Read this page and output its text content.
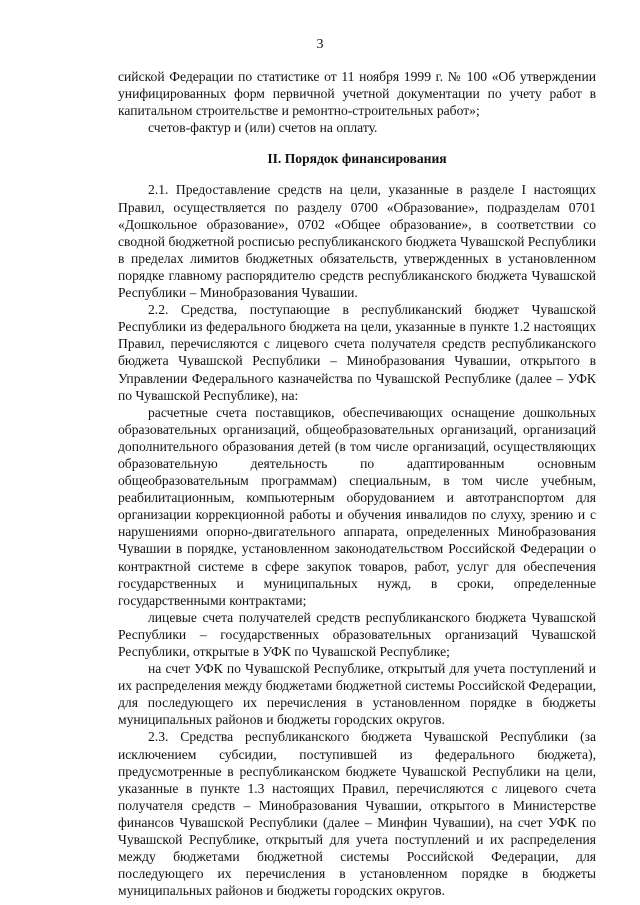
3

сийской Федерации по статистике от 11 ноября 1999 г. № 100 «Об утверждении унифицированных форм первичной учетной документации по учету работ в капитальном строительстве и ремонтно-строительных работ»;

счетов-фактур и (или) счетов на оплату.

II. Порядок финансирования

2.1. Предоставление средств на цели, указанные в разделе I настоящих Правил, осуществляется по разделу 0700 «Образование», подразделам 0701 «Дошкольное образование», 0702 «Общее образование», в соответствии со сводной бюджетной росписью республиканского бюджета Чувашской Республики в пределах лимитов бюджетных обязательств, утвержденных в установленном порядке главному распорядителю средств республиканского бюджета Чувашской Республики – Минобразования Чувашии.

2.2. Средства, поступающие в республиканский бюджет Чувашской Республики из федерального бюджета на цели, указанные в пункте 1.2 настоящих Правил, перечисляются с лицевого счета получателя средств республиканского бюджета Чувашской Республики – Минобразования Чувашии, открытого в Управлении Федерального казначейства по Чувашской Республике (далее – УФК по Чувашской Республике), на:

расчетные счета поставщиков, обеспечивающих оснащение дошкольных образовательных организаций, общеобразовательных организаций, организаций дополнительного образования детей (в том числе организаций, осуществляющих образовательную деятельность по адаптированным основным общеобразовательным программам) специальным, в том числе учебным, реабилитационным, компьютерным оборудованием и автотранспортом для организации коррекционной работы и обучения инвалидов по слуху, зрению и с нарушениями опорно-двигательного аппарата, определенных Минобразования Чувашии в порядке, установленном законодательством Российской Федерации о контрактной системе в сфере закупок товаров, работ, услуг для обеспечения государственных и муниципальных нужд, в сроки, определенные государственными контрактами;

лицевые счета получателей средств республиканского бюджета Чувашской Республики – государственных образовательных организаций Чувашской Республики, открытые в УФК по Чувашской Республике;

на счет УФК по Чувашской Республике, открытый для учета поступлений и их распределения между бюджетами бюджетной системы Российской Федерации, для последующего их перечисления в установленном порядке в бюджеты муниципальных районов и бюджеты городских округов.

2.3. Средства республиканского бюджета Чувашской Республики (за исключением субсидии, поступившей из федерального бюджета), предусмотренные в республиканском бюджете Чувашской Республики на цели, указанные в пункте 1.3 настоящих Правил, перечисляются с лицевого счета получателя средств – Минобразования Чувашии, открытого в Министерстве финансов Чувашской Республики (далее – Минфин Чувашии), на счет УФК по Чувашской Республике, открытый для учета поступлений и их распределения между бюджетами бюджетной системы Российской Федерации, для последующего их перечисления в установленном порядке в бюджеты муниципальных районов и бюджеты городских округов.
